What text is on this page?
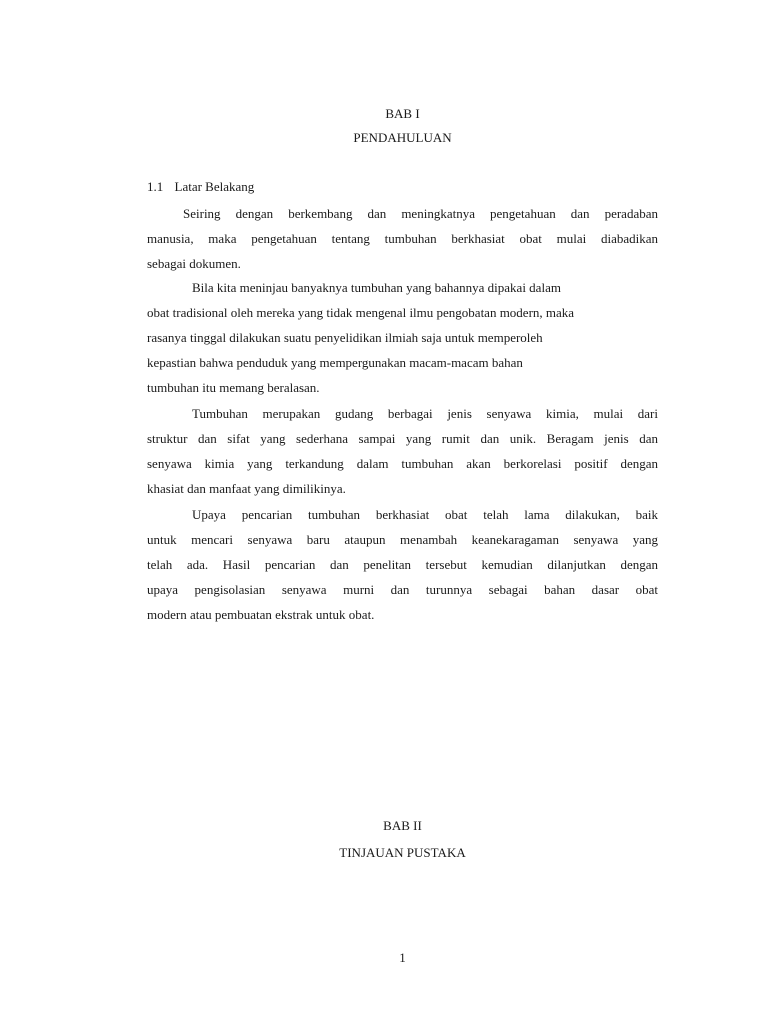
BAB I
PENDAHULUAN
1.1 Latar Belakang

Seiring dengan berkembang dan meningkatnya pengetahuan dan peradaban
manusia, maka pengetahuan tentang tumbuhan berkhasiat obat mulai diabadikan
sebagai dokumen.

Bila kita meninjau banyaknya tumbuhan yang bahannya dipakai dalam
obat tradisional oleh mereka yang tidak mengenal ilmu pengobatan modern, maka
rasanya tinggal dilakukan suatu penyelidikan ilmiah saja untuk memperoleh
kepastian bahwa penduduk yang mempergunakan macam-macam bahan
tumbuhan itu memang beralasan.

Tumbuhan merupakan gudang berbagai jenis senyawa kimia, mulai dari
struktur dan sifat yang sederhana sampai yang rumit dan unik. Beragam jenis dan
senyawa kimia yang terkandung dalam tumbuhan akan berkorelasi positif dengan
khasiat dan manfaat yang dimilikinya.

Upaya pencarian tumbuhan berkhasiat obat telah lama dilakukan, baik
untuk mencari senyawa baru ataupun menambah keanekaragaman senyawa yang
telah ada. Hasil pencarian dan penelitan tersebut kemudian dilanjutkan dengan
upaya pengisolasian senyawa murni dan turunnya sebagai bahan dasar obat
modern atau pembuatan ekstrak untuk obat.

BAB II
TINJAUAN PUSTAKA

1
